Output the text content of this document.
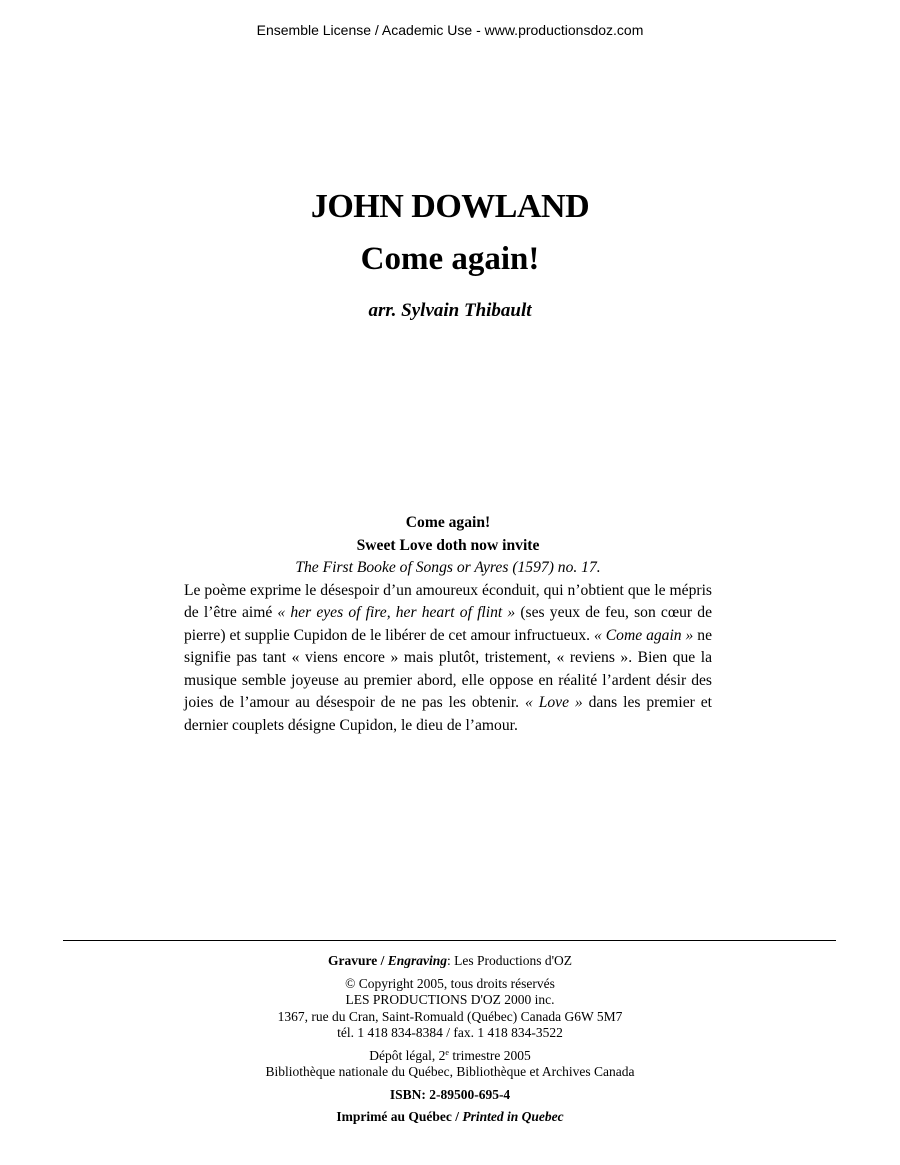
Ensemble License / Academic Use - www.productionsdoz.com
JOHN DOWLAND
Come again!
arr. Sylvain Thibault
Come again!
Sweet Love doth now invite
The First Booke of Songs or Ayres (1597) no. 17.
Le poème exprime le désespoir d’un amoureux éconduit, qui n’obtient que le mépris de l’être aimé « her eyes of fire, her heart of flint » (ses yeux de feu, son cœur de pierre) et supplie Cupidon de le libérer de cet amour infructueux. « Come again » ne signifie pas tant « viens encore » mais plutôt, tristement, « reviens ». Bien que la musique semble joyeuse au premier abord, elle oppose en réalité l’ardent désir des joies de l’amour au désespoir de ne pas les obtenir. « Love » dans les premier et dernier couplets désigne Cupidon, le dieu de l’amour.
Gravure / Engraving: Les Productions d'OZ
© Copyright 2005, tous droits réservés
LES PRODUCTIONS D'OZ 2000 inc.
1367, rue du Cran, Saint-Romuald (Québec) Canada G6W 5M7
tél. 1 418 834-8384 / fax. 1 418 834-3522
Dépôt légal, 2e trimestre 2005
Bibliothèque nationale du Québec, Bibliothèque et Archives Canada
ISBN: 2-89500-695-4
Imprimé au Québec / Printed in Quebec
